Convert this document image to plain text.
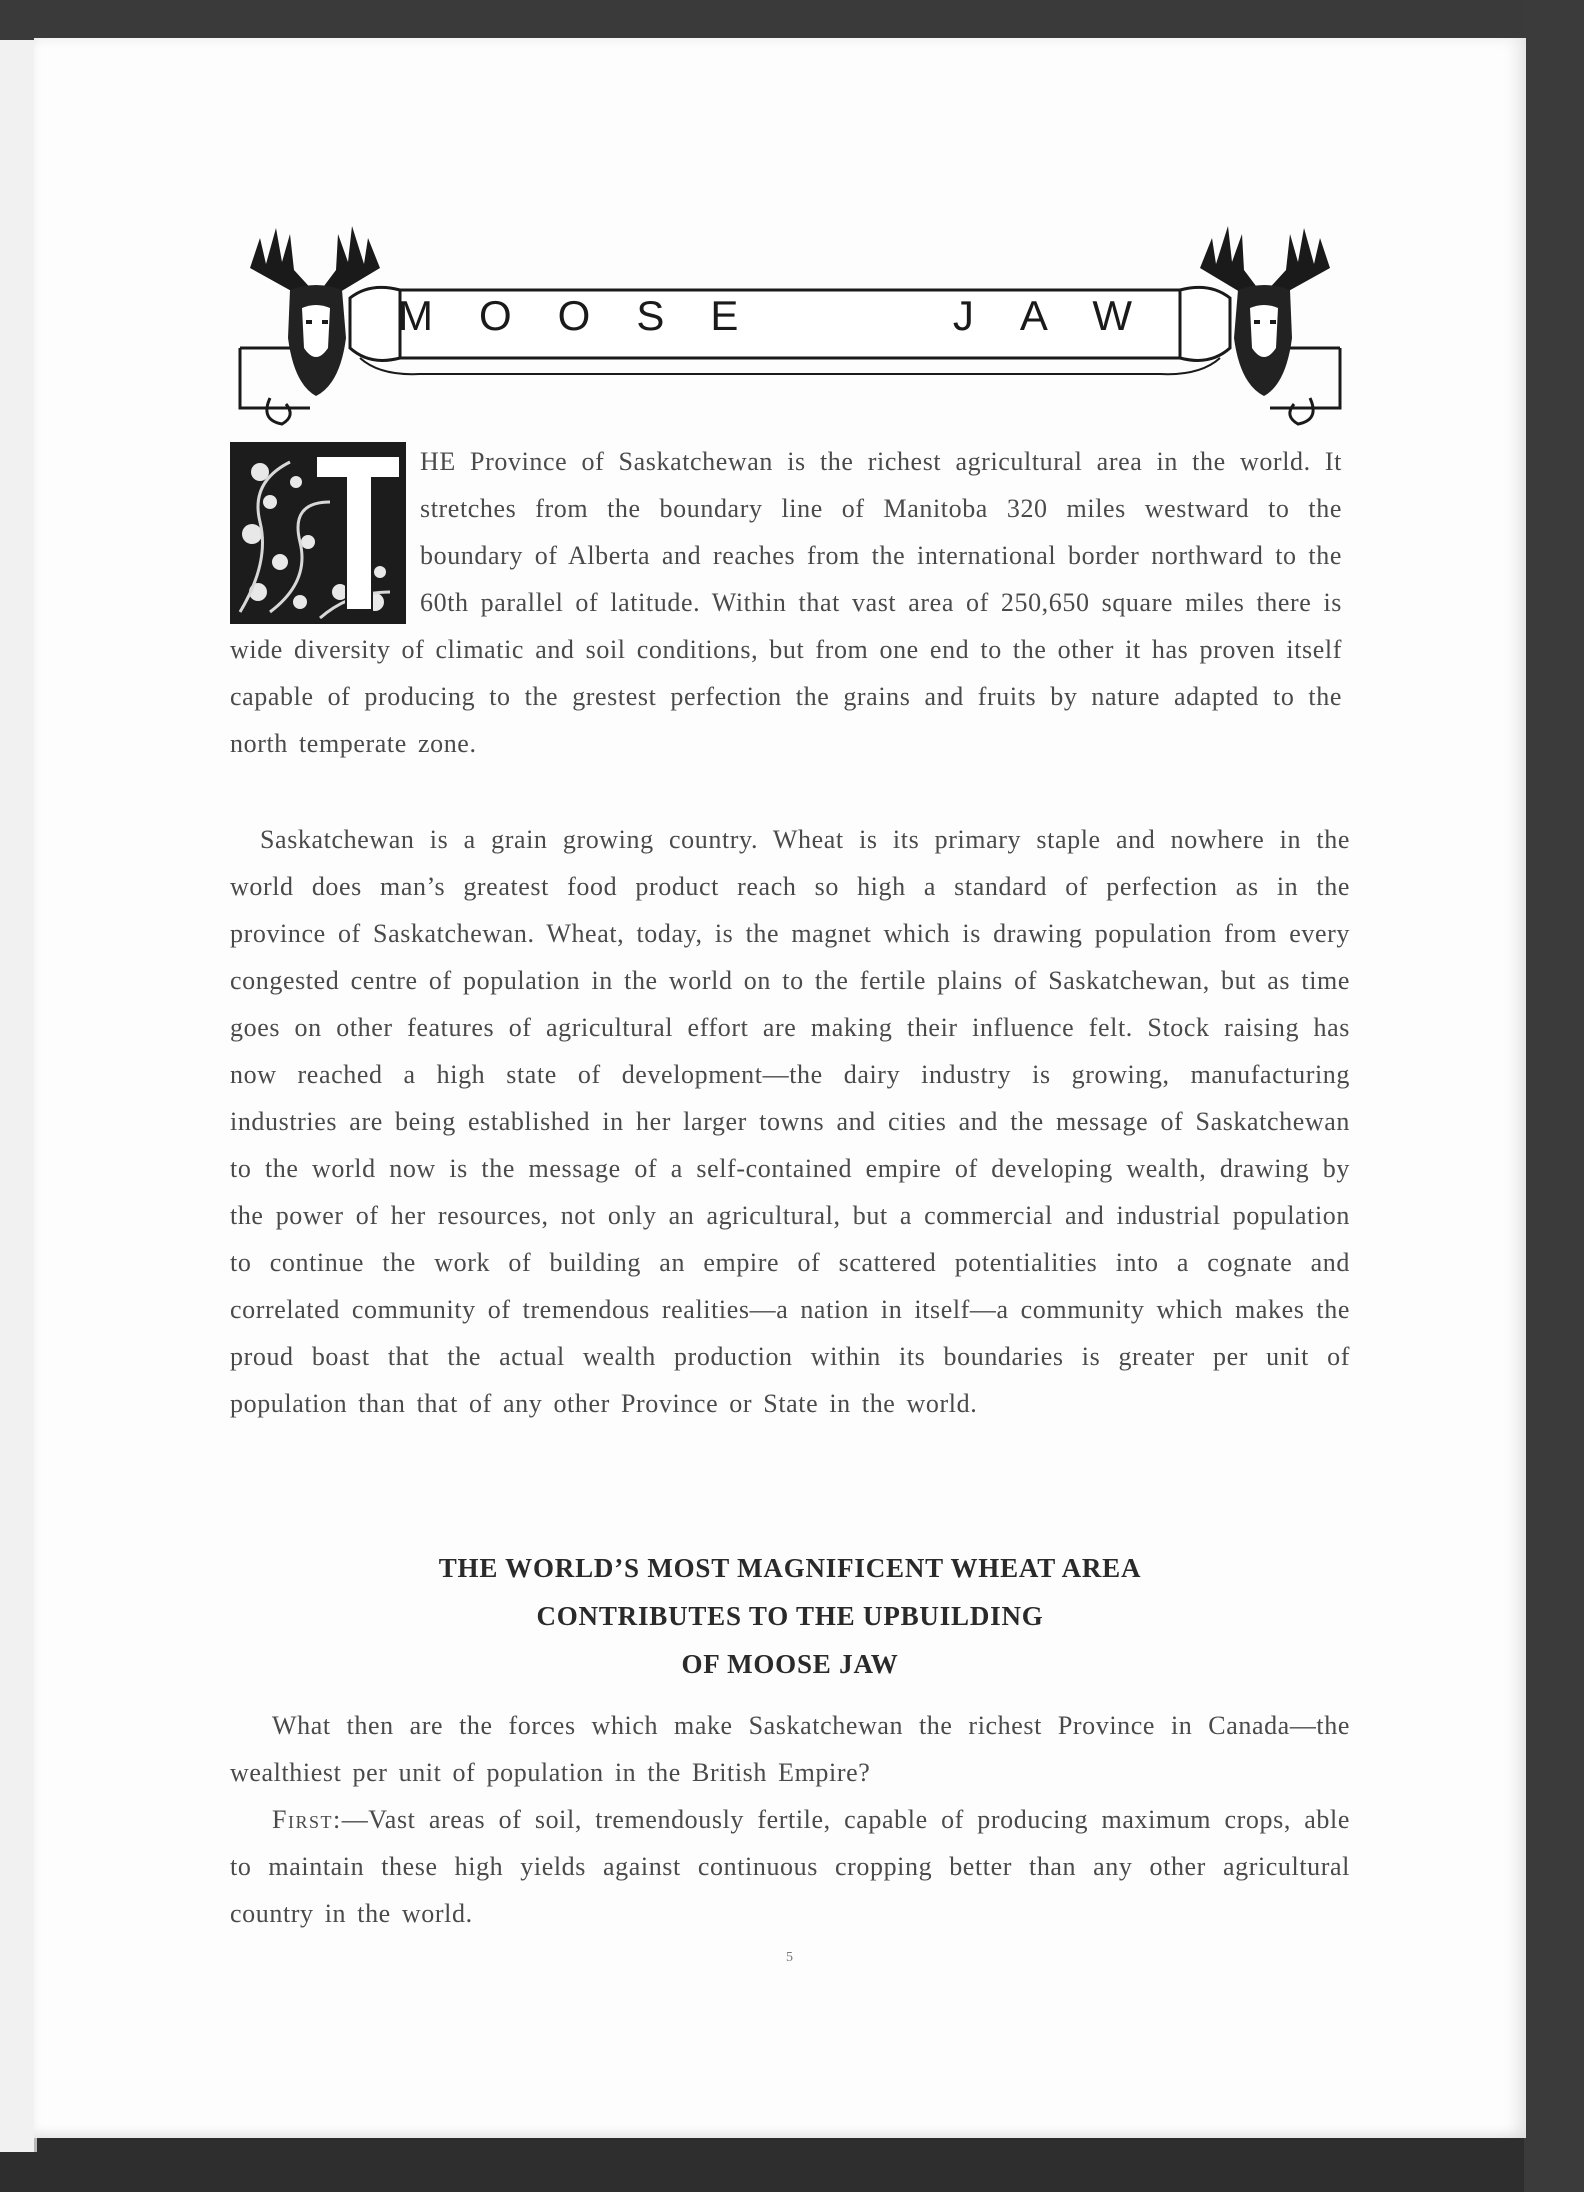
MOOSE	JAW

HE Province of Saskatchewan is the richest agricultural area in the world. It stretches from the boundary line of Manitoba 320 miles westward to the boundary of Alberta and reaches from the international border northward to the 60th parallel of latitude. Within that vast area of 250,650 square miles there is wide diversity of climatic and soil conditions, but from one end to the other it has proven itself capable of producing to the grestest perfection the grains and fruits by nature adapted to the north temperate zone.

Saskatchewan is a grain growing country. Wheat is its primary staple and nowhere in the world does man’s greatest food product reach so high a standard of perfection as in the province of Saskatchewan. Wheat, today, is the magnet which is drawing population from every congested centre of population in the world on to the fertile plains of Saskatchewan, but as time goes on other features of agricultural effort are making their influence felt. Stock raising has now reached a high state of development—the dairy industry is growing, manufacturing industries are being established in her larger towns and cities and the message of Saskatchewan to the world now is the message of a self-contained empire of developing wealth, drawing by the power of her resources, not only an agricultural, but a commercial and industrial population to continue the work of building an empire of scattered potentialities into a cognate and correlated community of tremendous realities—a nation in itself—a community which makes the proud boast that the actual wealth production within its boundaries is greater per unit of population than that of any other Province or State in the world.

THE WORLD’S MOST MAGNIFICENT WHEAT AREA
CONTRIBUTES TO THE UPBUILDING
OF MOOSE JAW

What then are the forces which make Saskatchewan the richest Province in Canada—the wealthiest per unit of population in the British Empire?

First:—Vast areas of soil, tremendously fertile, capable of producing maximum crops, able to maintain these high yields against continuous cropping better than any other agricultural country in the world.

5
